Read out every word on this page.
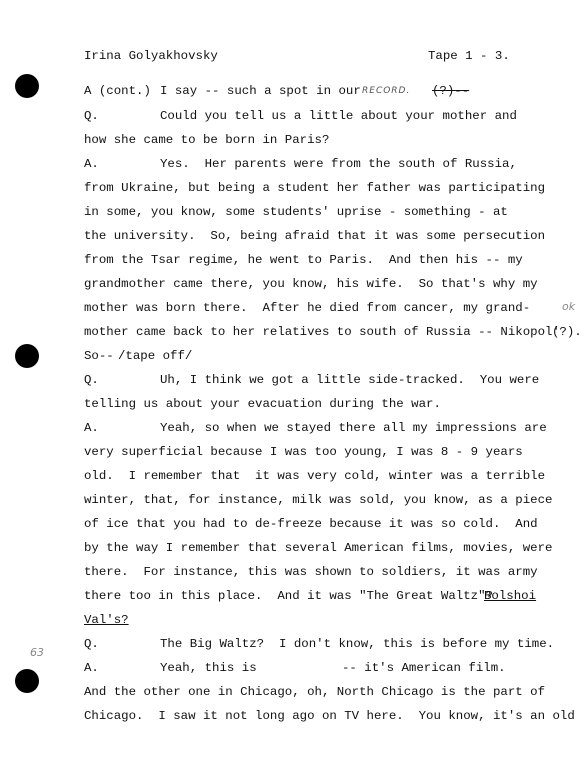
Irina Golyakhovsky

	Tape 1 - 3.

A (cont.)

I say -- such a spot in our

RECORD.

(?)--

Q.

	Could you tell us a little about your mother and

how she came to be born in Paris?

A.

	Yes.  Her parents were from the south of Russia,

from Ukraine, but being a student her father was participating

in some, you know, some students' uprise - something - at

the university.  So, being afraid that it was some persecution

from the Tsar regime, he went to Paris.  And then his -- my

grandmother came there, you know, his wife.  So that's why my

mother was born there.  After he died from cancer, my grand-

mother came back to her relatives to south of Russia -- Nikopol'

(?).

So--

/tape off/

Q.

	Uh, I think we got a little side-tracked.  You were

telling us about your evacuation during the war.

A.

	Yeah, so when we stayed there all my impressions are

very superficial because I was too young, I was 8 - 9 years

old.  I remember that  it was very cold, winter was a terrible

winter, that, for instance, milk was sold, you know, as a piece

of ice that you had to de-freeze because it was so cold.  And

by the way I remember that several American films, movies, were

there.  For instance, this was shown to soldiers, it was army

there too in this place.  And it was "The Great Waltz"?

Bolshoi

Val's?

Q.

	The Big Waltz?  I don't know, this is before my time.

A.

	Yeah, this is

	-- it's American film.

And the other one in Chicago, oh, North Chicago is the part of

Chicago.  I saw it not long ago on TV here.  You know, it's an old

ok
63
